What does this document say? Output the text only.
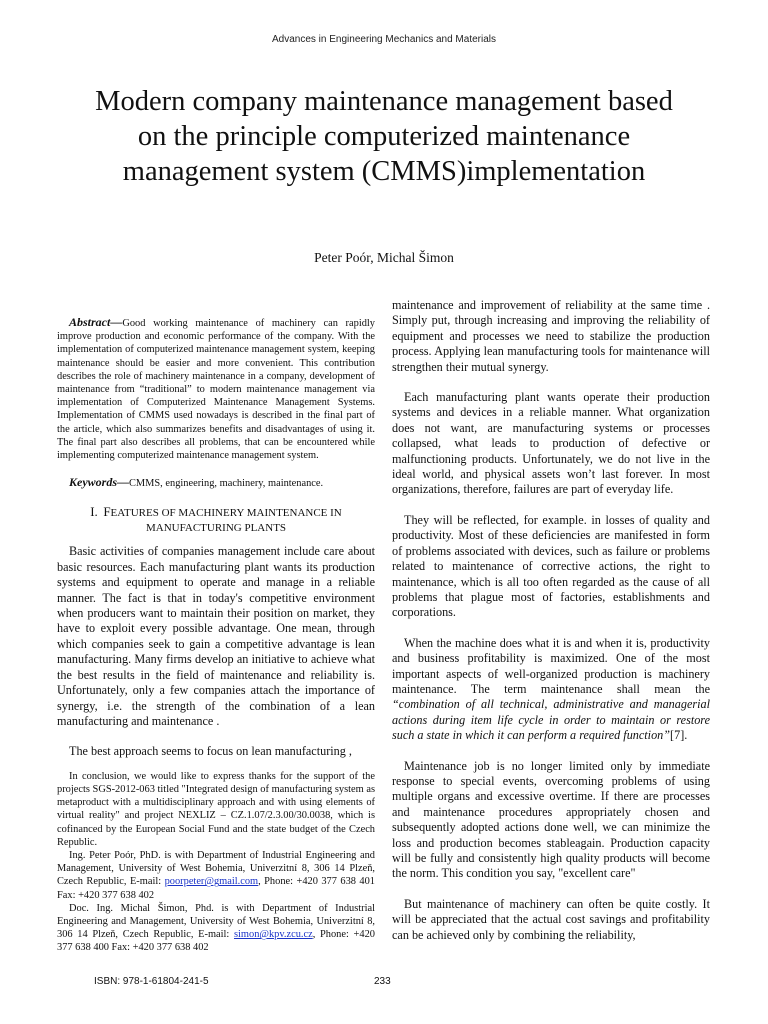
Advances in Engineering Mechanics and Materials
Modern company maintenance management based on the principle computerized maintenance management system (CMMS)implementation
Peter Poór, Michal Šimon

Abstract—Good working maintenance of machinery can rapidly improve production and economic performance of the company. With the implementation of computerized maintenance management system, keeping maintenance should be easier and more convenient. This contribution describes the role of machinery maintenance in a company, development of maintenance from “traditional” to modern maintenance management via implementation of Computerized Maintenance Management Systems. Implementation of CMMS used nowadays is described in the final part of the article, which also summarizes benefits and disadvantages of using it. The final part also describes all problems, that can be encountered while implementing computerized maintenance management system.

Keywords—CMMS, engineering, machinery, maintenance.

I. FEATURES OF MACHINERY MAINTENANCE IN
MANUFACTURING PLANTS

Basic activities of companies management include care about basic resources. Each manufacturing plant wants its production systems and equipment to operate and manage in a reliable manner. The fact is that in today's competitive environment when producers want to maintain their position on market, they have to exploit every possible advantage. One mean, through which companies seek to gain a competitive advantage is lean manufacturing. Many firms develop an initiative to achieve what the best results in the field of maintenance and reliability is. Unfortunately, only a few companies attach the importance of synergy, i.e. the strength of the combination of a lean manufacturing and maintenance .

The best approach seems to focus on lean manufacturing ,

In conclusion, we would like to express thanks for the support of the projects SGS-2012-063 titled "Integrated design of manufacturing system as metaproduct with a multidisciplinary approach and with using elements of virtual reality" and project NEXLIZ – CZ.1.07/2.3.00/30.0038, which is cofinanced by the European Social Fund and the state budget of the Czech Republic.

Ing. Peter Poór, PhD. is with Department of Industrial Engineering and Management, University of West Bohemia, Univerzitní 8, 306 14 Plzeň, Czech Republic, E-mail: poorpeter@gmail.com, Phone: +420 377 638 401 Fax: +420 377 638 402

Doc. Ing. Michal Šimon, Phd. is with Department of Industrial Engineering and Management, University of West Bohemia, Univerzitní 8, 306 14 Plzeň, Czech Republic, E-mail: simon@kpv.zcu.cz, Phone: +420 377 638 400 Fax: +420 377 638 402

maintenance and improvement of reliability at the same time . Simply put, through increasing and improving the reliability of equipment and processes we need to stabilize the production process. Applying lean manufacturing tools for maintenance will strengthen their mutual synergy.

Each manufacturing plant wants operate their production systems and devices in a reliable manner. What organization does not want, are manufacturing systems or processes collapsed, what leads to production of defective or malfunctioning products. Unfortunately, we do not live in the ideal world, and physical assets won’t last forever. In most organizations, therefore, failures are part of everyday life.

They will be reflected, for example. in losses of quality and productivity. Most of these deficiencies are manifested in form of problems associated with devices, such as failure or problems related to maintenance of corrective actions, the right to maintenance, which is all too often regarded as the cause of all problems that plague most of factories, establishments and corporations.

When the machine does what it is and when it is, productivity and business profitability is maximized. One of the most important aspects of well-organized production is machinery maintenance. The term maintenance shall mean the “combination of all technical, administrative and managerial actions during item life cycle in order to maintain or restore such a state in which it can perform a required function”[7].

Maintenance job is no longer limited only by immediate response to special events, overcoming problems of using multiple organs and excessive overtime. If there are processes and maintenance procedures appropriately chosen and subsequently adopted actions done well, we can minimize the loss and production becomes stableagain. Production capacity will be fully and consistently high quality products will become the norm. This condition you say, "excellent care"

But maintenance of machinery can often be quite costly. It will be appreciated that the actual cost savings and profitability can be achieved only by combining the reliability,

ISBN: 978-1-61804-241-5	233
